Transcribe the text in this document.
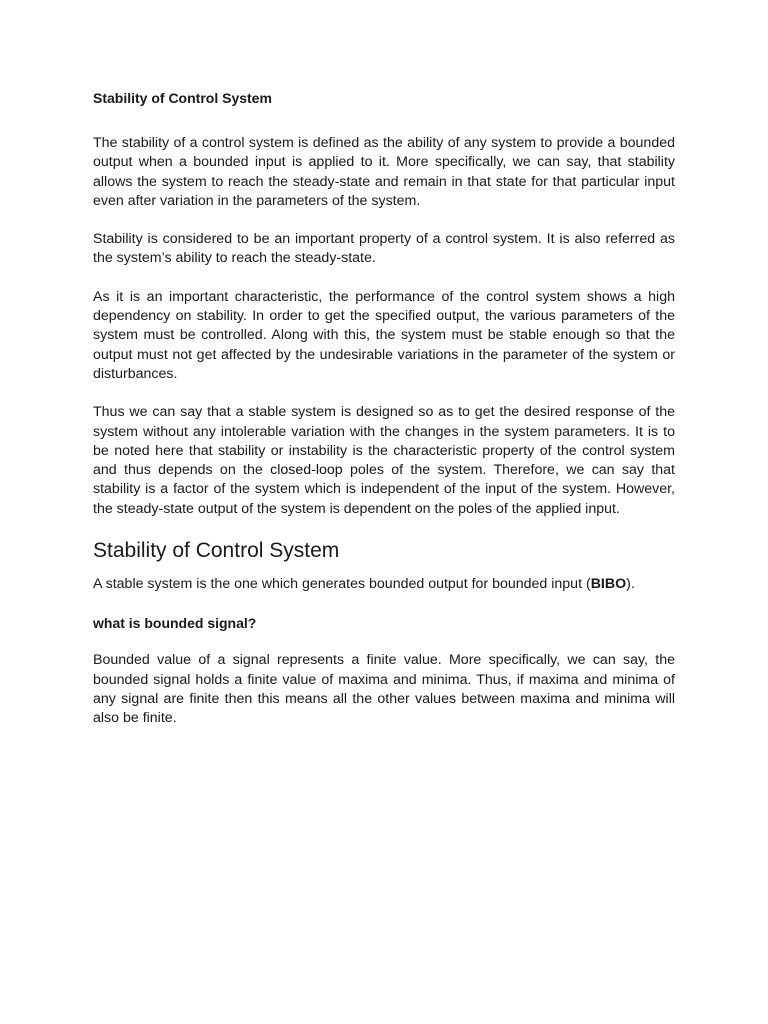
Stability of Control System

The stability of a control system is defined as the ability of any system to provide a bounded output when a bounded input is applied to it. More specifically, we can say, that stability allows the system to reach the steady-state and remain in that state for that particular input even after variation in the parameters of the system.

Stability is considered to be an important property of a control system. It is also referred as the system’s ability to reach the steady-state.

As it is an important characteristic, the performance of the control system shows a high dependency on stability. In order to get the specified output, the various parameters of the system must be controlled. Along with this, the system must be stable enough so that the output must not get affected by the undesirable variations in the parameter of the system or disturbances.

Thus we can say that a stable system is designed so as to get the desired response of the system without any intolerable variation with the changes in the system parameters. It is to be noted here that stability or instability is the characteristic property of the control system and thus depends on the closed-loop poles of the system. Therefore, we can say that stability is a factor of the system which is independent of the input of the system. However, the steady-state output of the system is dependent on the poles of the applied input.

Stability of Control System

A stable system is the one which generates bounded output for bounded input (BIBO).

what is bounded signal?

Bounded value of a signal represents a finite value. More specifically, we can say, the bounded signal holds a finite value of maxima and minima. Thus, if maxima and minima of any signal are finite then this means all the other values between maxima and minima will also be finite.
